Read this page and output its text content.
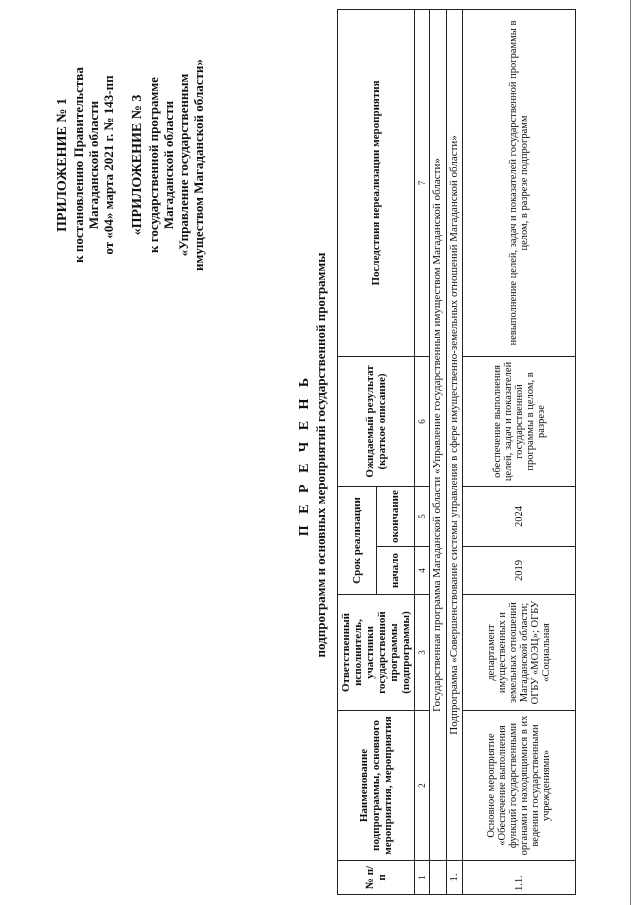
ПРИЛОЖЕНИЕ № 1 к постановлению Правительства Магаданской области от «04» марта 2021 г. № 143-пп «ПРИЛОЖЕНИЕ № 3 к государственной программе Магаданской области «Управление государственным имуществом Магаданской области»
П Е Р Е Ч Е Н Ь подпрограмм и основных мероприятий государственной программы
№ п/п	Наименование подпрограммы, основного мероприятия, мероприятия	Ответственный исполнитель, участники государственной программы (подпрограммы)	Срок реализации		Ожидаемый результат (краткое описание)	Последствия нереализации мероприятия
			начало	окончание		
1	2	3	4	5	6	7
	Государственная программа Магаданской области «Управление государственным имуществом Магаданской области»					
1.	Подпрограмма «Совершенствование системы управления в сфере имущественно-земельных отношений Магаданской области»					
1.1.	Основное мероприятие «Обеспечение выполнения функций государственными органами и находящимися в их ведении государственными учреждениями»	департамент имущественных и земельных отношений Магаданской области; ОГБУ «МОЭЦ»; ОГБУ «Социальная	2019	2024	обеспечение выполнения целей, задач и показателей государственной программы в целом, в разрезе	невыполнение целей, задач и показателей государственной программы в целом, в разрезе подпрограмм
